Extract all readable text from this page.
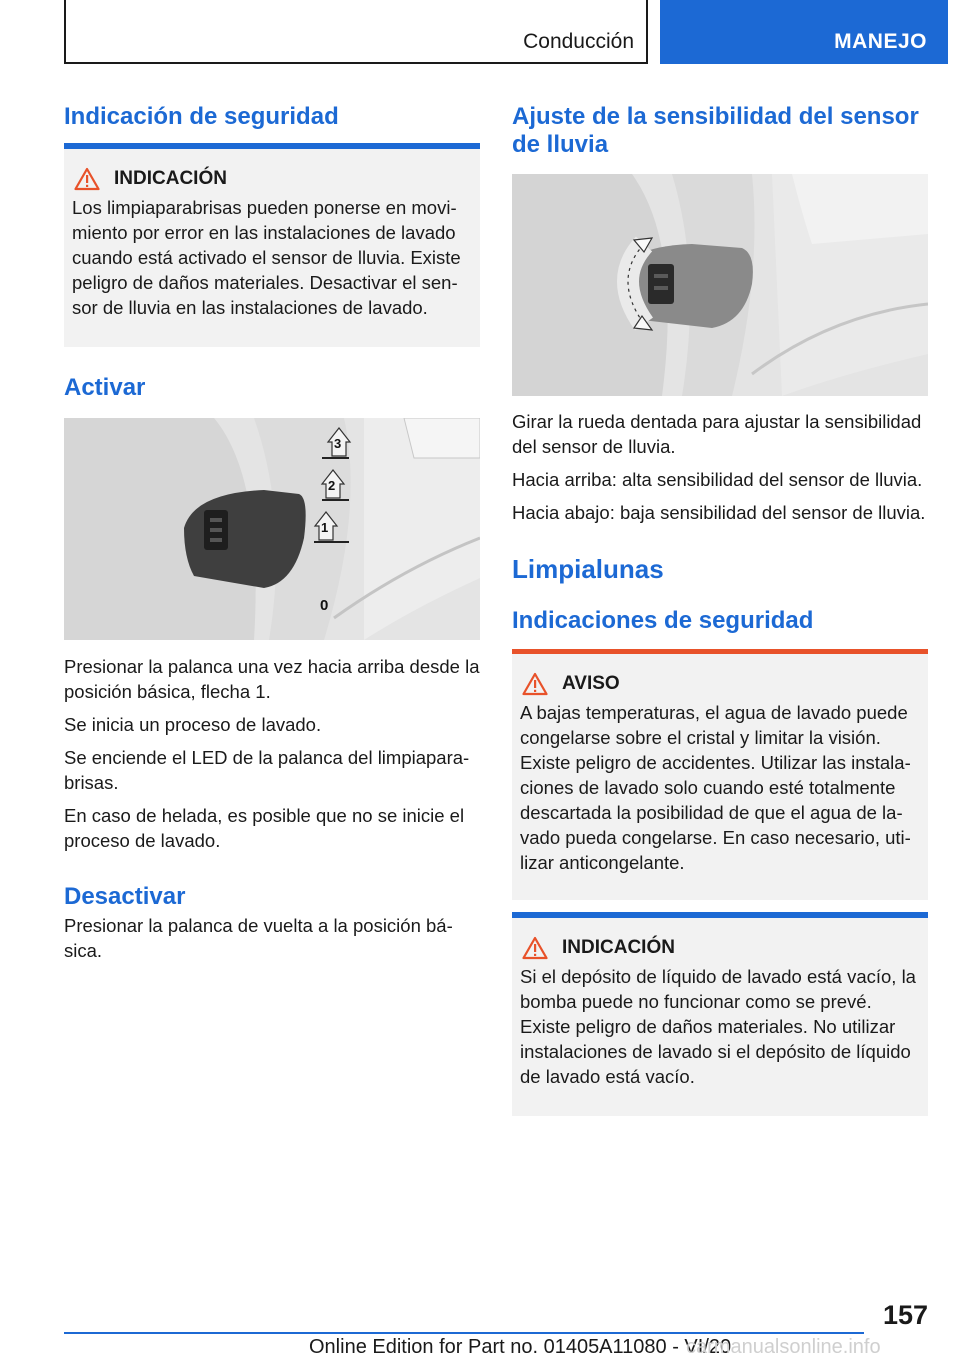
Conducción	MANEJO
Indicación de seguridad
INDICACIÓN

Los limpiaparabrisas pueden ponerse en movi-

miento por error en las instalaciones de lavado

cuando está activado el sensor de lluvia. Existe

peligro de daños materiales. Desactivar el sen-

sor de lluvia en las instalaciones de lavado.

Activar
3
2
1
0

Presionar la palanca una vez hacia arriba desde la

posición básica, flecha 1.

Se inicia un proceso de lavado.

Se enciende el LED de la palanca del limpiapara-

brisas.

En caso de helada, es posible que no se inicie el

proceso de lavado.

Desactivar

Presionar la palanca de vuelta a la posición bá-

sica.

Ajuste de la sensibilidad del sensor
de lluvia

Girar la rueda dentada para ajustar la sensibilidad

del sensor de lluvia.

Hacia arriba: alta sensibilidad del sensor de lluvia.

Hacia abajo: baja sensibilidad del sensor de lluvia.

Limpialunas
Indicaciones de seguridad
AVISO

A bajas temperaturas, el agua de lavado puede

congelarse sobre el cristal y limitar la visión.

Existe peligro de accidentes. Utilizar las instala-

ciones de lavado solo cuando esté totalmente

descartada la posibilidad de que el agua de la-

vado pueda congelarse. En caso necesario, uti-

lizar anticongelante.

INDICACIÓN

Si el depósito de líquido de lavado está vacío, la

bomba puede no funcionar como se prevé.

Existe peligro de daños materiales. No utilizar

instalaciones de lavado si el depósito de líquido

de lavado está vacío.

157
Online Edition for Part no. 01405A11080 - VI/20
carmanualsonline.info
